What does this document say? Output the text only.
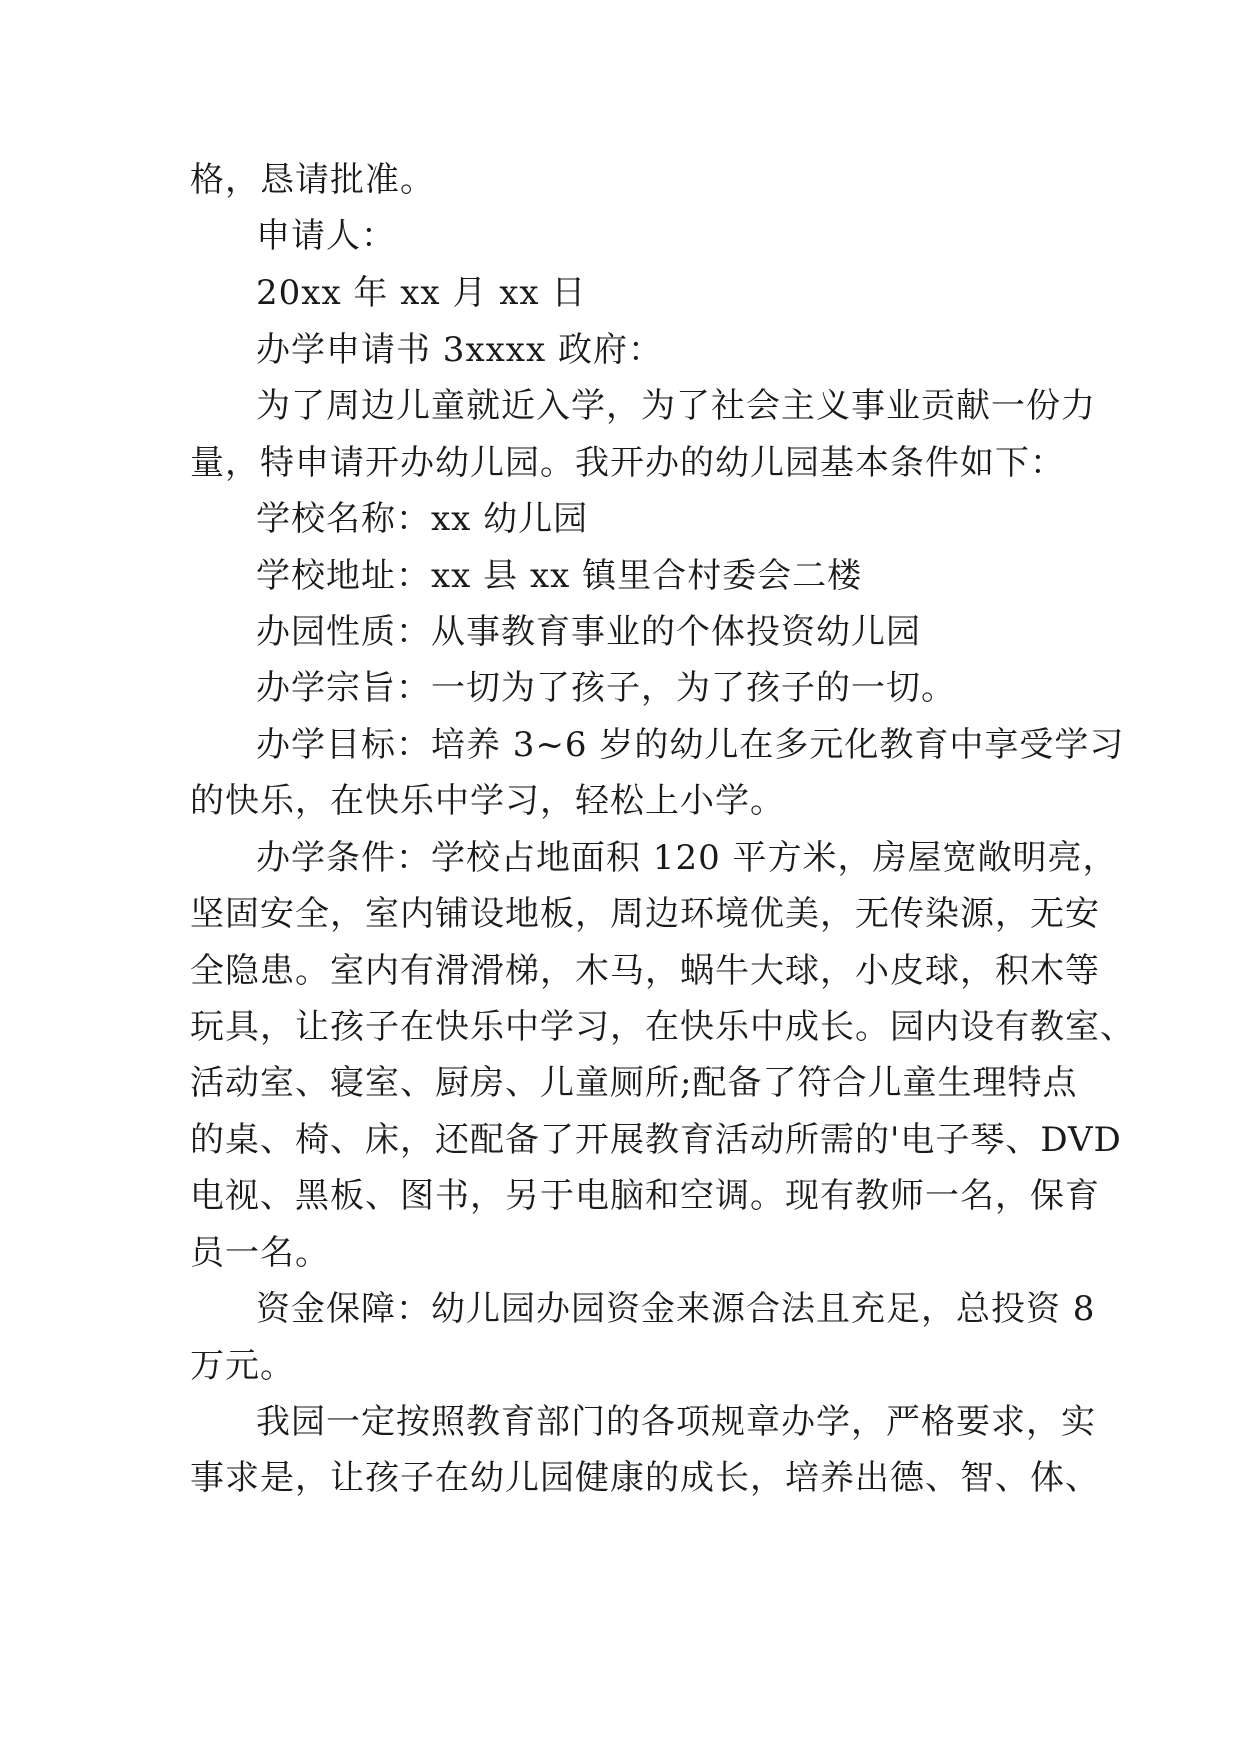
格，恳请批准。
申请人：
20xx 年 xx 月 xx 日
办学申请书 3xxxx 政府：
为了周边儿童就近入学，为了社会主义事业贡献一份力
量，特申请开办幼儿园。我开办的幼儿园基本条件如下：
学校名称：xx 幼儿园
学校地址：xx 县 xx 镇里合村委会二楼
办园性质：从事教育事业的个体投资幼儿园
办学宗旨：一切为了孩子，为了孩子的一切。
办学目标：培养 3~6 岁的幼儿在多元化教育中享受学习
的快乐，在快乐中学习，轻松上小学。
办学条件：学校占地面积 120 平方米，房屋宽敞明亮，
坚固安全，室内铺设地板，周边环境优美，无传染源，无安
全隐患。室内有滑滑梯，木马，蜗牛大球，小皮球，积木等
玩具，让孩子在快乐中学习，在快乐中成长。园内设有教室、
活动室、寝室、厨房、儿童厕所;配备了符合儿童生理特点
的桌、椅、床，还配备了开展教育活动所需的'电子琴、DVD
电视、黑板、图书，另于电脑和空调。现有教师一名，保育
员一名。
资金保障：幼儿园办园资金来源合法且充足，总投资 8
万元。
我园一定按照教育部门的各项规章办学，严格要求，实
事求是，让孩子在幼儿园健康的成长，培养出德、智、体、
